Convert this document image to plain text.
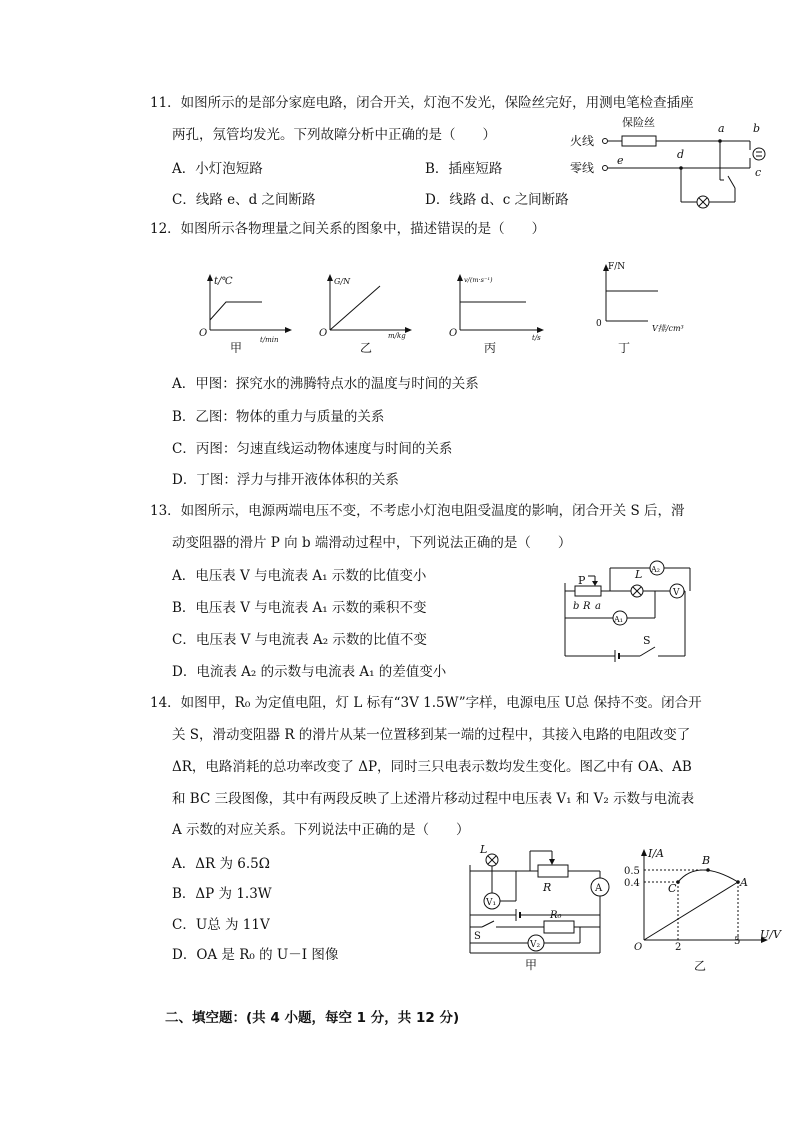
11．如图所示的是部分家庭电路，闭合开关，灯泡不发光，保险丝完好，用测电笔检查插座
两孔，氖管均发光。下列故障分析中正确的是（　　）
A．小灯泡短路	B．插座短路
C．线路 e、d 之间断路	D．线路 d、c 之间断路
火线
零线
保险丝
e
a	b
c
d
12．如图所示各物理量之间关系的图象中，描述错误的是（　　）
t/℃
t/min
O
甲
G/N
m/kg
O
乙
v/(m·s⁻¹)
t/s
O
丙
F/N
V排/cm³
0
丁
A．甲图：探究水的沸腾特点水的温度与时间的关系
B．乙图：物体的重力与质量的关系
C．丙图：匀速直线运动物体速度与时间的关系
D．丁图：浮力与排开液体体积的关系
13．如图所示，电源两端电压不变，不考虑小灯泡电阻受温度的影响，闭合开关 S 后，滑
动变阻器的滑片 P 向 b 端滑动过程中，下列说法正确的是（　　）
A．电压表 V 与电流表 A₁ 示数的比值变小
B．电压表 V 与电流表 A₁ 示数的乘积不变
C．电压表 V 与电流表 A₂ 示数的比值不变
D．电流表 A₂ 的示数与电流表 A₁ 的差值变小
S
P
b R a
L
V
A₂
A₁
14．如图甲，R₀ 为定值电阻，灯 L 标有“3V 1.5W”字样，电源电压 U总 保持不变。闭合开
关 S，滑动变阻器 R 的滑片从某一位置移到某一端的过程中，其接入电路的电阻改变了
ΔR，电路消耗的总功率改变了 ΔP，同时三只电表示数均发生变化。图乙中有 OA、AB
和 BC 三段图像，其中有两段反映了上述滑片移动过程中电压表 V₁ 和 V₂ 示数与电流表
A 示数的对应关系。下列说法中正确的是（　　）
A．ΔR 为 6.5Ω
B．ΔP 为 1.3W
C．U总 为 11V
D．OA 是 R₀ 的 U－I 图像
L
V₁
R	A
S
R₀
V₂
甲
I/A
U/V
0.5
0.4
O	2
5
A
B
C
乙
二、填空题：(共 4 小题，每空 1 分，共 12 分)
